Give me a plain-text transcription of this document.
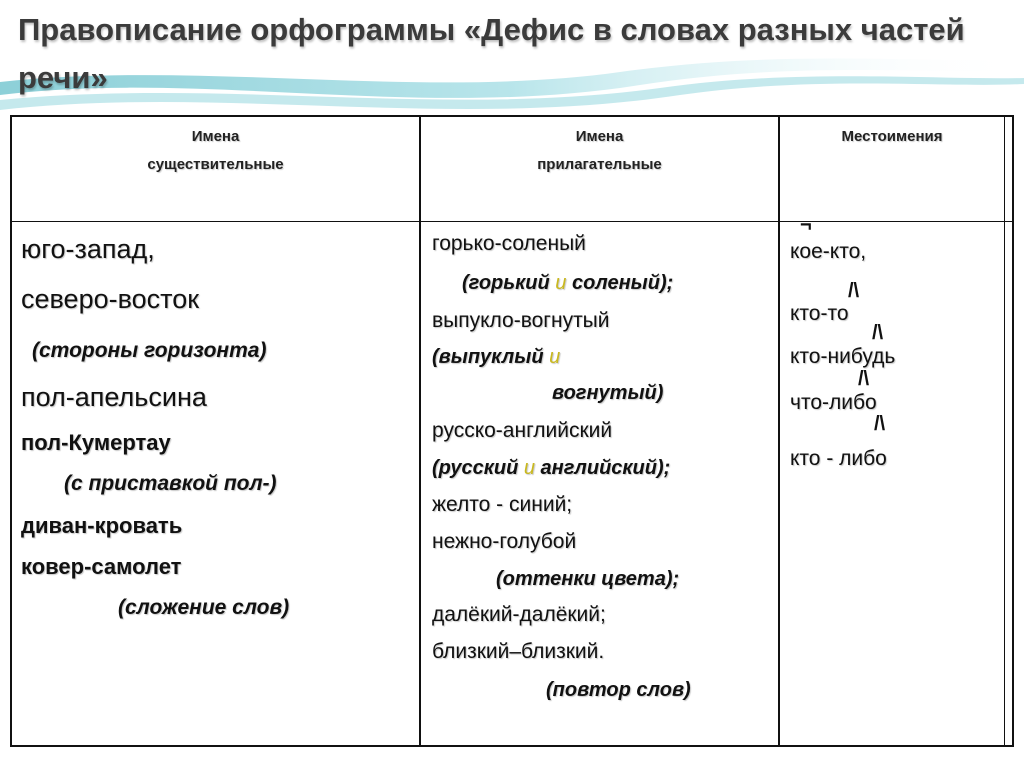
Правописание орфограммы «Дефис в словах разных частей
речи»
Имена
существительные
Имена
прилагательные
Местоимения
юго-запад,
северо-восток
(стороны горизонта)
пол-апельсина
пол-Кумертау
(с приставкой пол-)
диван-кровать
ковер-самолет
(сложение слов)
горько-соленый
(горький и соленый);
выпукло-вогнутый
(выпуклый и
вогнутый)
русско-английский
(русский и английский);
желто - синий;
нежно-голубой
(оттенки цвета);
далёкий-далёкий;
близкий–близкий.
(повтор слов)
¬
кое-кто,
/\
кто-то
/\
кто-нибудь
/\
что-либо
/\
кто - либо
